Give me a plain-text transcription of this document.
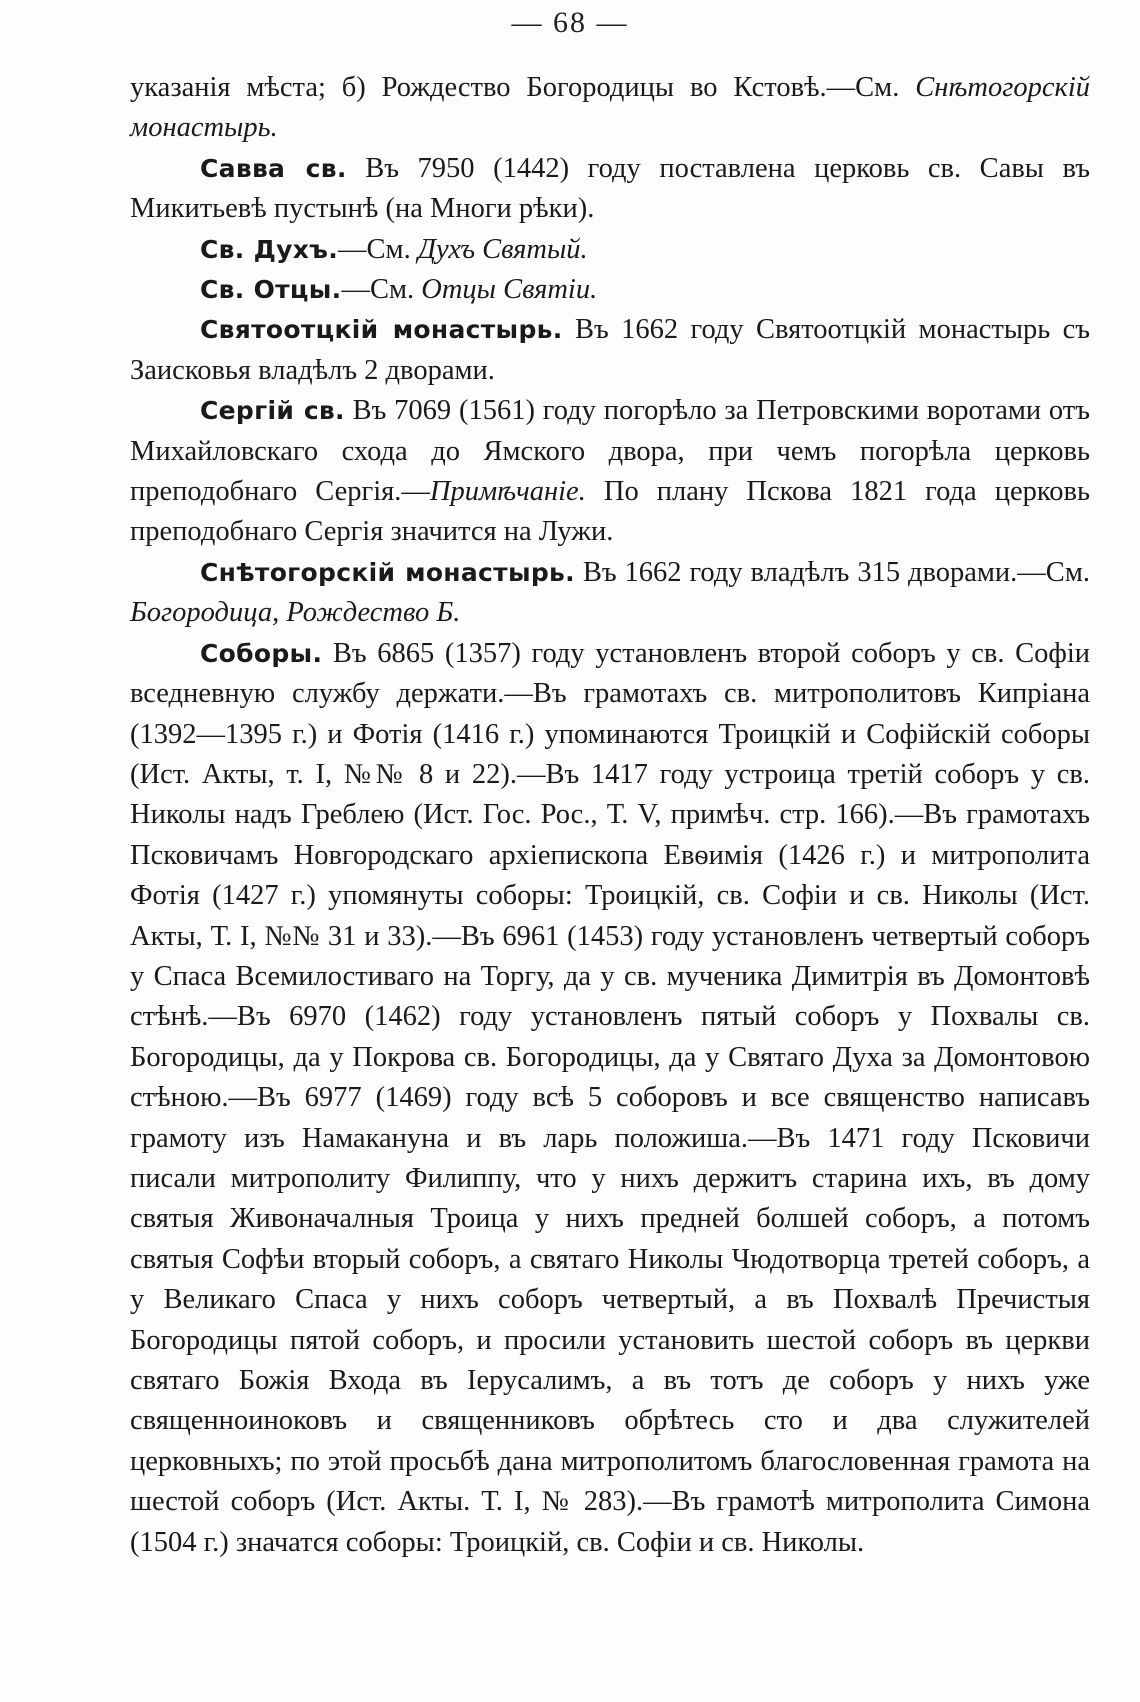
— 68 —

указанія мѣста; б) Рождество Богородицы во Кстовѣ.—См. Снѣтогорскій монастырь.

Савва св. Въ 7950 (1442) году поставлена церковь св. Савы въ Микитьевѣ пустынѣ (на Многи рѣки).

Св. Духъ.—См. Духъ Святый.

Св. Отцы.—См. Отцы Святіи.

Святоотцкій монастырь. Въ 1662 году Святоотцкій монастырь съ Заисковья владѣлъ 2 дворами.

Сергій св. Въ 7069 (1561) году погорѣло за Петровскими воротами отъ Михайловскаго схода до Ямского двора, при чемъ погорѣла церковь преподобнаго Сергія.—Примѣчаніе. По плану Пскова 1821 года церковь преподобнаго Сергія значится на Лужи.

Снѣтогорскій монастырь. Въ 1662 году владѣлъ 315 дворами.—См. Богородица, Рождество Б.

Соборы. Въ 6865 (1357) году установленъ второй соборъ у св. Софіи вседневную службу держати.—Въ грамотахъ св. митрополитовъ Кипріана (1392—1395 г.) и Фотія (1416 г.) упоминаются Троицкій и Софійскій соборы (Ист. Акты, т. I, №№ 8 и 22).—Въ 1417 году устроица третій соборъ у св. Николы надъ Греблею (Ист. Гос. Рос., Т. V, примѣч. стр. 166).—Въ грамотахъ Псковичамъ Новгородскаго архіепископа Евѳимія (1426 г.) и митрополита Фотія (1427 г.) упомянуты соборы: Троицкій, св. Софіи и св. Николы (Ист. Акты, Т. I, №№ 31 и 33).—Въ 6961 (1453) году установленъ четвертый соборъ у Спаса Всемилостиваго на Торгу, да у св. мученика Димитрія въ Домонтовѣ стѣнѣ.—Въ 6970 (1462) году установленъ пятый соборъ у Похвалы св. Богородицы, да у Покрова св. Богородицы, да у Святаго Духа за Домонтовою стѣною.—Въ 6977 (1469) году всѣ 5 соборовъ и все священство написавъ грамоту изъ Намакануна и въ ларь положиша.—Въ 1471 году Псковичи писали митрополиту Филиппу, что у нихъ держитъ старина ихъ, въ дому святыя Живоначалныя Троица у нихъ предней болшей соборъ, а потомъ святыя Софѣи вторый соборъ, а святаго Николы Чюдотворца третей соборъ, а у Великаго Спаса у нихъ соборъ четвертый, а въ Похвалѣ Пречистыя Богородицы пятой соборъ, и просили установить шестой соборъ въ церкви святаго Божія Входа въ Іерусалимъ, а въ тотъ де соборъ у нихъ уже священноиноковъ и священниковъ обрѣтесь сто и два служителей церковныхъ; по этой просьбѣ дана митрополитомъ благословенная грамота на шестой соборъ (Ист. Акты. Т. I, № 283).—Въ грамотѣ митрополита Симона (1504 г.) значатся соборы: Троицкій, св. Софіи и св. Николы.
